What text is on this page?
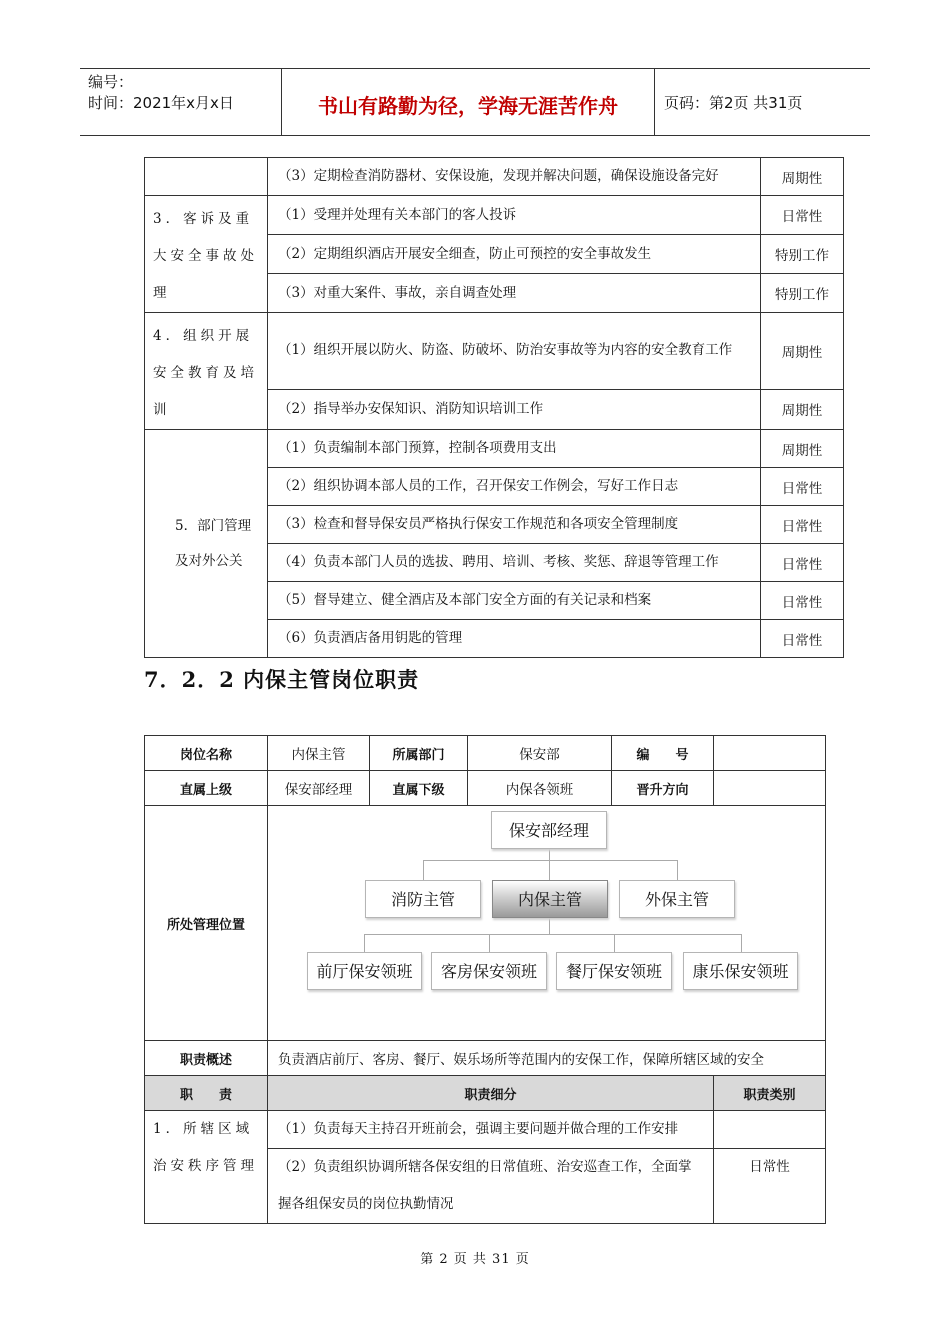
编号：
时间：2021年x月x日	书山有路勤为径，学海无涯苦作舟	页码：第2页 共31页
	（3）定期检查消防器材、安保设施，发现并解决问题，确保设施设备完好	周期性
3．客诉及重大安全事故处理	（1）受理并处理有关本部门的客人投诉	日常性
	（2）定期组织酒店开展安全细查，防止可预控的安全事故发生	特别工作
	（3）对重大案件、事故，亲自调查处理	特别工作
4．组织开展安全教育及培训	（1）组织开展以防火、防盗、防破坏、防治安事故等为内容的安全教育工作	周期性
	（2）指导举办安保知识、消防知识培训工作	周期性

5．部门管理及对外公关	（1）负责编制本部门预算，控制各项费用支出	周期性
	（2）组织协调本部人员的工作，召开保安工作例会，写好工作日志	日常性
	（3）检查和督导保安员严格执行保安工作规范和各项安全管理制度	日常性
	（4）负责本部门人员的选拔、聘用、培训、考核、奖惩、辞退等管理工作	日常性
	（5）督导建立、健全酒店及本部门安全方面的有关记录和档案	日常性
	（6）负责酒店备用钥匙的管理	日常性
7．2．2 内保主管岗位职责
岗位名称	内保主管	所属部门	保安部	编　　号	
直属上级	保安部经理	直属下级	内保各领班	晋升方向	
所处管理位置					
职责概述	负责酒店前厅、客房、餐厅、娱乐场所等范围内的安保工作，保障所辖区域的安全				
职　　责	职责细分				职责类别
1．所辖区域治安秩序管理	（1）负责每天主持召开班前会，强调主要问题并做合理的工作安排				
	（2）负责组织协调所辖各保安组的日常值班、治安巡查工作，全面掌握各组保安员的岗位执勤情况				日常性
保安部经理
消防主管	内保主管	外保主管
前厅保安领班	客房保安领班	餐厅保安领班	康乐保安领班
第 2 页 共 31 页
